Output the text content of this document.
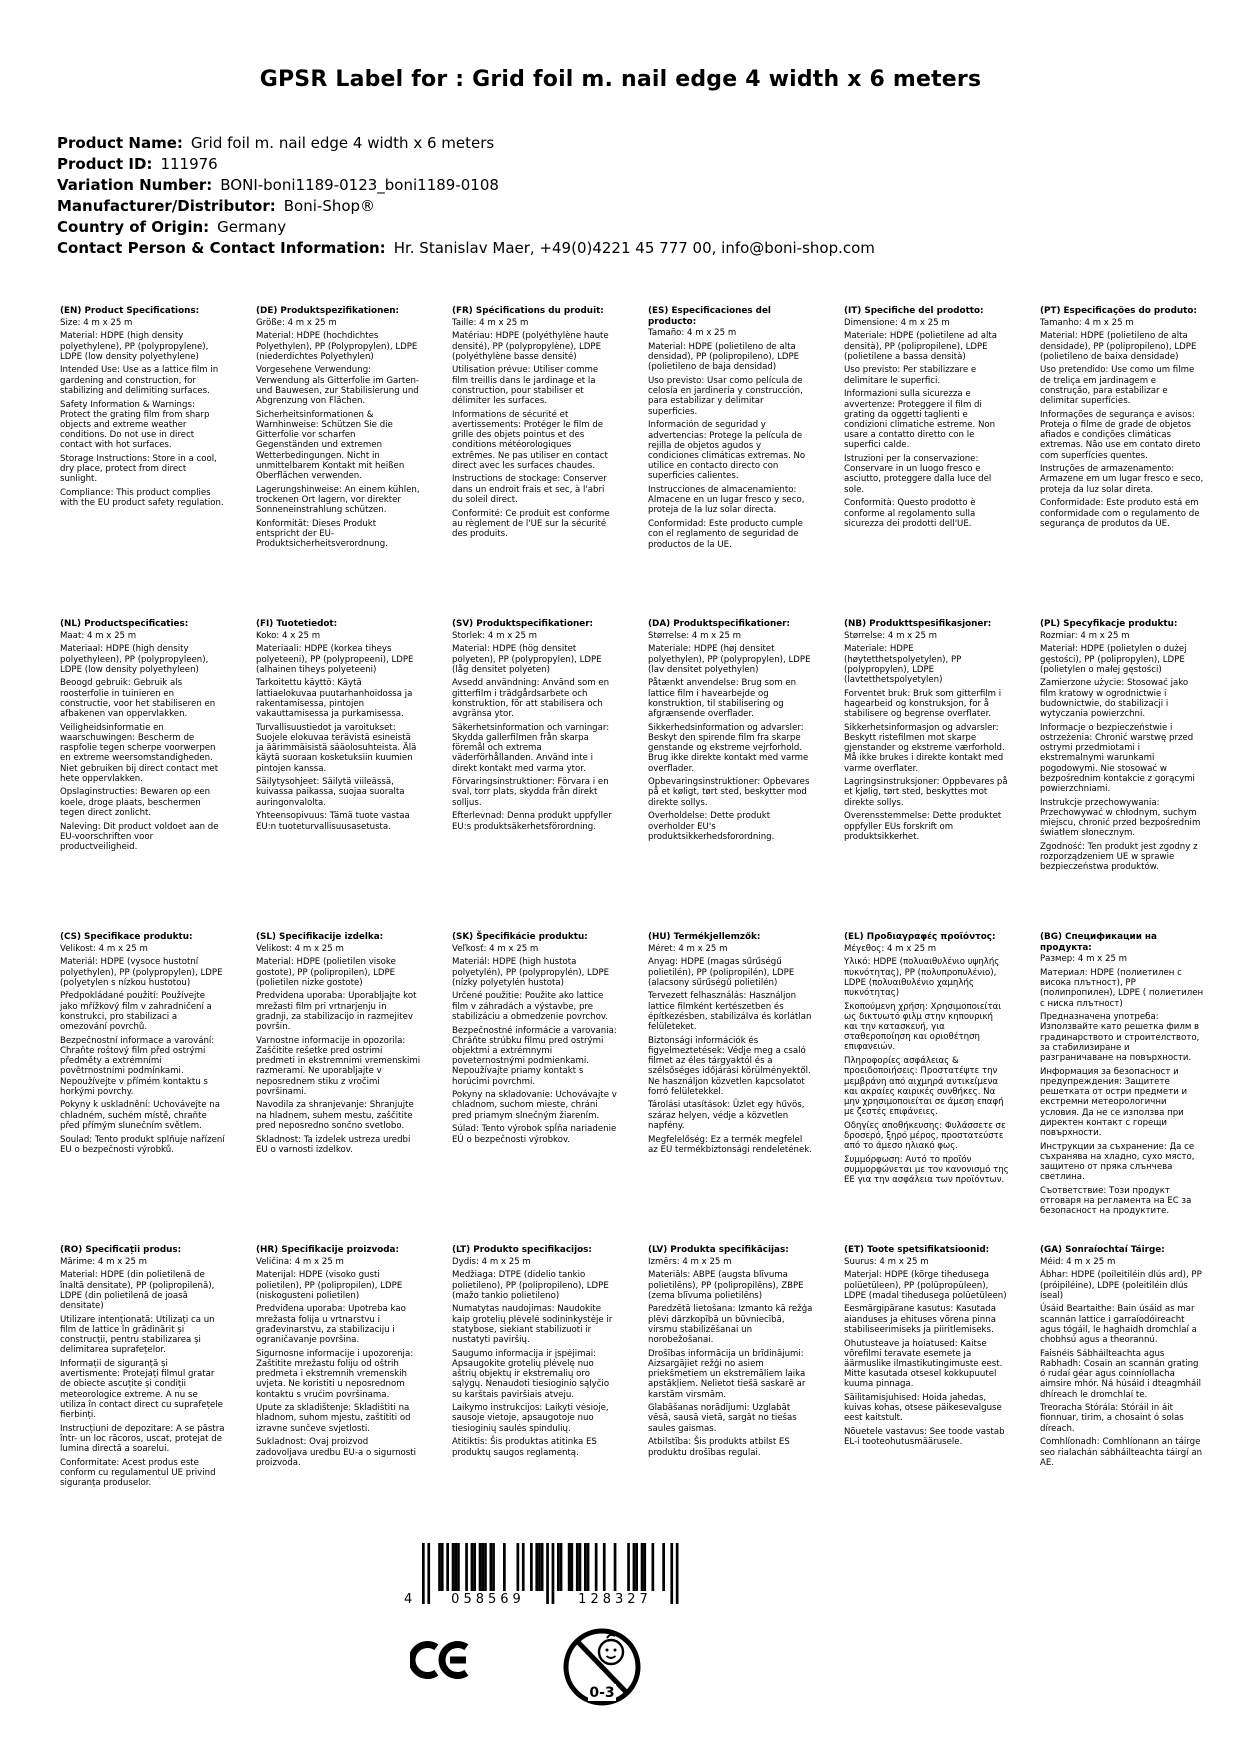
GPSR Label for : Grid foil m. nail edge 4 width x 6 meters
Product Name: Grid foil m. nail edge 4 width x 6 meters
Product ID: 111976
Variation Number: BONI-boni1189-0123_boni1189-0108
Manufacturer/Distributor: Boni-Shop®
Country of Origin: Germany
Contact Person & Contact Information: Hr. Stanislav Maer, +49(0)4221 45 777 00, info@boni-shop.com
(EN) Product Specifications:

Size: 4 m x 25 m

Material: HDPE (high density polyethylene), PP (polypropylene), LDPE (low density polyethylene)

Intended Use: Use as a lattice film in gardening and construction, for stabilizing and delimiting surfaces.

Safety Information & Warnings: Protect the grating film from sharp objects and extreme weather conditions. Do not use in direct contact with hot surfaces.

Storage Instructions: Store in a cool, dry place, protect from direct sunlight.

Compliance: This product complies with the EU product safety regulation.

(DE) Produktspezifikationen:

Größe: 4 m x 25 m

Material: HDPE (hochdichtes Polyethylen), PP (Polypropylen), LDPE (niederdichtes Polyethylen)

Vorgesehene Verwendung: Verwendung als Gitterfolie im Garten- und Bauwesen, zur Stabilisierung und Abgrenzung von Flächen.

Sicherheitsinformationen & Warnhinweise: Schützen Sie die Gitterfolie vor scharfen Gegenständen und extremen Wetterbedingungen. Nicht in unmittelbarem Kontakt mit heißen Oberflächen verwenden.

Lagerungshinweise: An einem kühlen, trockenen Ort lagern, vor direkter Sonneneinstrahlung schützen.

Konformität: Dieses Produkt entspricht der EU-Produktsicherheitsverordnung.

(FR) Spécifications du produit:

Taille: 4 m x 25 m

Matériau: HDPE (polyéthylène haute densité), PP (polypropylène), LDPE (polyéthylène basse densité)

Utilisation prévue: Utiliser comme film treillis dans le jardinage et la construction, pour stabiliser et délimiter les surfaces.

Informations de sécurité et avertissements: Protéger le film de grille des objets pointus et des conditions météorologiques extrêmes. Ne pas utiliser en contact direct avec les surfaces chaudes.

Instructions de stockage: Conserver dans un endroit frais et sec, à l'abri du soleil direct.

Conformité: Ce produit est conforme au règlement de l'UE sur la sécurité des produits.

(ES) Especificaciones del producto:

Tamaño: 4 m x 25 m

Material: HDPE (polietileno de alta densidad), PP (polipropileno), LDPE (polietileno de baja densidad)

Uso previsto: Usar como película de celosía en jardinería y construcción, para estabilizar y delimitar superficies.

Información de seguridad y advertencias: Protege la película de rejilla de objetos agudos y condiciones climáticas extremas. No utilice en contacto directo con superficies calientes.

Instrucciones de almacenamiento: Almacene en un lugar fresco y seco, proteja de la luz solar directa.

Conformidad: Este producto cumple con el reglamento de seguridad de productos de la UE.

(IT) Specifiche del prodotto:

Dimensione: 4 m x 25 m

Materiale: HDPE (polietilene ad alta densità), PP (polipropilene), LDPE (polietilene a bassa densità)

Uso previsto: Per stabilizzare e delimitare le superfici.

Informazioni sulla sicurezza e avvertenze: Proteggere il film di grating da oggetti taglienti e condizioni climatiche estreme. Non usare a contatto diretto con le superfici calde.

Istruzioni per la conservazione: Conservare in un luogo fresco e asciutto, proteggere dalla luce del sole.

Conformità: Questo prodotto è conforme al regolamento sulla sicurezza dei prodotti dell'UE.

(PT) Especificações do produto:

Tamanho: 4 m x 25 m

Material: HDPE (polietileno de alta densidade), PP (polipropileno), LDPE (polietileno de baixa densidade)

Uso pretendido: Use como um filme de treliça em jardinagem e construção, para estabilizar e delimitar superfícies.

Informações de segurança e avisos: Proteja o filme de grade de objetos afiados e condições climáticas extremas. Não use em contato direto com superfícies quentes.

Instruções de armazenamento: Armazene em um lugar fresco e seco, proteja da luz solar direta.

Conformidade: Este produto está em conformidade com o regulamento de segurança de produtos da UE.

(NL) Productspecificaties:

Maat: 4 m x 25 m

Materiaal: HDPE (high density polyethyleen), PP (polypropyleen), LDPE (low density polyethyleen)

Beoogd gebruik: Gebruik als roosterfolie in tuinieren en constructie, voor het stabiliseren en afbakenen van oppervlakken.

Veiligheidsinformatie en waarschuwingen: Bescherm de raspfolie tegen scherpe voorwerpen en extreme weersomstandigheden. Niet gebruiken bij direct contact met hete oppervlakken.

Opslaginstructies: Bewaren op een koele, droge plaats, beschermen tegen direct zonlicht.

Naleving: Dit product voldoet aan de EU-voorschriften voor productveiligheid.

(FI) Tuotetiedot:

Koko: 4 x 25 m

Materiaali: HDPE (korkea tiheys polyeteeni), PP (polypropeeni), LDPE (alhainen tiheys polyeteeni)

Tarkoitettu käyttö: Käytä lattiaelokuvaa puutarhanhoidossa ja rakentamisessa, pintojen vakauttamisessa ja purkamisessa.

Turvallisuustiedot ja varoitukset: Suojele elokuvaa terävistä esineistä ja äärimmäisistä sääolosuhteista. Älä käytä suoraan kosketuksiin kuumien pintojen kanssa.

Säilytysohjeet: Säilytä viileässä, kuivassa paikassa, suojaa suoralta auringonvalolta.

Yhteensopivuus: Tämä tuote vastaa EU:n tuoteturvallisuusasetusta.

(SV) Produktspecifikationer:

Storlek: 4 m x 25 m

Material: HDPE (hög densitet polyeten), PP (polypropylen), LDPE (låg densitet polyeten)

Avsedd användning: Använd som en gitterfilm i trädgårdsarbete och konstruktion, för att stabilisera och avgränsa ytor.

Säkerhetsinformation och varningar: Skydda gallerfilmen från skarpa föremål och extrema väderförhållanden. Använd inte i direkt kontakt med varma ytor.

Förvaringsinstruktioner: Förvara i en sval, torr plats, skydda från direkt solljus.

Efterlevnad: Denna produkt uppfyller EU:s produktsäkerhetsförordning.

(DA) Produktspecifikationer:

Størrelse: 4 m x 25 m

Materiale: HDPE (høj densitet polyethylen), PP (polypropylen), LDPE (lav densitet polyethylen)

Påtænkt anvendelse: Brug som en lattice film i havearbejde og konstruktion, til stabilisering og afgrænsende overflader.

Sikkerhedsinformation og advarsler: Beskyt den spirende film fra skarpe genstande og ekstreme vejrforhold. Brug ikke direkte kontakt med varme overflader.

Opbevaringsinstruktioner: Opbevares på et køligt, tørt sted, beskytter mod direkte sollys.

Overholdelse: Dette produkt overholder EU's produktsikkerhedsforordning.

(NB) Produkttspesifikasjoner:

Størrelse: 4 m x 25 m

Materiale: HDPE (høytetthetspolyetylen), PP (polypropylen), LDPE (lavtetthetspolyetylen)

Forventet bruk: Bruk som gitterfilm i hagearbeid og konstruksjon, for å stabilisere og begrense overflater.

Sikkerhetsinformasjon og advarsler: Beskytt ristefilmen mot skarpe gjenstander og ekstreme værforhold. Må ikke brukes i direkte kontakt med varme overflater.

Lagringsinstruksjoner: Oppbevares på et kjølig, tørt sted, beskyttes mot direkte sollys.

Overensstemmelse: Dette produktet oppfyller EUs forskrift om produktsikkerhet.

(PL) Specyfikacje produktu:

Rozmiar: 4 m x 25 m

Materiał: HDPE (polietylen o dużej gęstości), PP (polipropylen), LDPE (polietylen o małej gęstości)

Zamierzone użycie: Stosować jako film kratowy w ogrodnictwie i budownictwie, do stabilizacji i wytyczania powierzchni.

Informacje o bezpieczeństwie i ostrzeżenia: Chronić warstwę przed ostrymi przedmiotami i ekstremalnymi warunkami pogodowymi. Nie stosować w bezpośrednim kontakcie z gorącymi powierzchniami.

Instrukcje przechowywania: Przechowywać w chłodnym, suchym miejscu, chronić przed bezpośrednim światłem słonecznym.

Zgodność: Ten produkt jest zgodny z rozporządzeniem UE w sprawie bezpieczeństwa produktów.

(CS) Specifikace produktu:

Velikost: 4 m x 25 m

Materiál: HDPE (vysoce hustotní polyethylen), PP (polypropylen), LDPE (polyetylen s nízkou hustotou)

Předpokládané použití: Používejte jako mřížkový film v zahradničení a konstrukci, pro stabilizaci a omezování povrchů.

Bezpečnostní informace a varování: Chraňte roštový film před ostrými předměty a extrémními povětrnostními podmínkami. Nepoužívejte v přímém kontaktu s horkými povrchy.

Pokyny k uskladnění: Uchovávejte na chladném, suchém místě, chraňte před přímým slunečním světlem.

Soulad: Tento produkt splňuje nařízení EU o bezpečnosti výrobků.

(SL) Specifikacije izdelka:

Velikost: 4 m x 25 m

Material: HDPE (polietilen visoke gostote), PP (polipropilen), LDPE (polietilen nizke gostote)

Predvidena uporaba: Uporabljajte kot mrežasti film pri vrtnarjenju in gradnji, za stabilizacijo in razmejitev površin.

Varnostne informacije in opozorila: Zaščitite rešetke pred ostrimi predmeti in ekstremnimi vremenskimi razmerami. Ne uporabljajte v neposrednem stiku z vročimi površinami.

Navodila za shranjevanje: Shranjujte na hladnem, suhem mestu, zaščitite pred neposredno sončno svetlobo.

Skladnost: Ta izdelek ustreza uredbi EU o varnosti izdelkov.

(SK) Špecifikácie produktu:

Veľkosť: 4 m x 25 m

Materiál: HDPE (high hustota polyetylén), PP (polypropylén), LDPE (nízky polyetylén hustota)

Určené použitie: Použite ako lattice film v záhradách a výstavbe, pre stabilizáciu a obmedzenie povrchov.

Bezpečnostné informácie a varovania: Chráňte strúbku filmu pred ostrými objektmi a extrémnymi poveternostnými podmienkami. Nepoužívajte priamy kontakt s horúcimi povrchmi.

Pokyny na skladovanie: Uchovávajte v chladnom, suchom mieste, chráni pred priamym slnečným žiarením.

Súlad: Tento výrobok spĺňa nariadenie EÚ o bezpečnosti výrobkov.

(HU) Termékjellemzők:

Méret: 4 m x 25 m

Anyag: HDPE (magas sűrűségű polietilén), PP (polipropilén), LDPE (alacsony sűrűségű polietilén)

Tervezett felhasználás: Használjon lattice filmként kertészetben és építkezésben, stabilizálva és korlátlan felületeket.

Biztonsági információk és figyelmeztetések: Védje meg a csaló filmet az éles tárgyaktól és a szélsőséges időjárási körülményektől. Ne használjon közvetlen kapcsolatot forró felületekkel.

Tárolási utasítások: Üzlet egy hűvös, száraz helyen, védje a közvetlen napfény.

Megfelelőség: Ez a termék megfelel az EU termékbiztonsági rendeletének.

(EL) Προδιαγραφές προϊόντος:

Μέγεθος: 4 m x 25 m

Υλικό: HDPE (πολυαιθυλένιο υψηλής πυκνότητας), PP (πολυπροπυλένιο), LDPE (πολυαιθυλένιο χαμηλής πυκνότητας)

Σκοπούμενη χρήση: Χρησιμοποιείται ως δικτυωτό φιλμ στην κηπουρική και την κατασκευή, για σταθεροποίηση και οριοθέτηση επιφανειών.

Πληροφορίες ασφάλειας & προειδοποιήσεις: Προστατέψτε την μεμβράνη από αιχμηρά αντικείμενα και ακραίες καιρικές συνθήκες. Να μην χρησιμοποιείται σε άμεση επαφή με ζεστές επιφάνειες.

Οδηγίες αποθήκευσης: Φυλάσσετε σε δροσερό, ξηρό μέρος, προστατεύστε από το άμεσο ηλιακό φως.

Συμμόρφωση: Αυτό το προϊόν συμμορφώνεται με τον κανονισμό της ΕΕ για την ασφάλεια των προϊόντων.

(BG) Спецификации на продукта:

Размер: 4 m x 25 m

Материал: HDPE (полиетилен с висока плътност), PP (полипропилен), LDPE ( полиетилен с ниска плътност)

Предназначена употреба: Използвайте като решетка филм в градинарството и строителството, за стабилизиране и разграничаване на повърхности.

Информация за безопасност и предупреждения: Защитете решетката от остри предмети и екстремни метеорологични условия. Да не се използва при директен контакт с горещи повърхности.

Инструкции за съхранение: Да се съхранява на хладно, сухо място, защитено от пряка слънчева светлина.

Съответствие: Този продукт отговаря на регламента на ЕС за безопасност на продуктите.

(RO) Specificații produs:

Mărime: 4 m x 25 m

Material: HDPE (din polietilenă de înaltă densitate), PP (polipropilenă), LDPE (din polietilenă de joasă densitate)

Utilizare intenționată: Utilizați ca un film de lattice în grădinărit și construcții, pentru stabilizarea și delimitarea suprafețelor.

Informații de siguranță și avertismente: Protejați filmul gratar de obiecte ascuțite și condiții meteorologice extreme. A nu se utiliza în contact direct cu suprafețele fierbinți.

Instrucțiuni de depozitare: A se păstra într- un loc răcoros, uscat, protejat de lumina directă a soarelui.

Conformitate: Acest produs este conform cu regulamentul UE privind siguranța produselor.

(HR) Specifikacije proizvoda:

Veličina: 4 m x 25 m

Materijal: HDPE (visoko gusti polietilen), PP (polipropilen), LDPE (niskogusteni polietilen)

Predviđena uporaba: Upotreba kao mrežasta folija u vrtnarstvu i građevinarstvu, za stabilizaciju i ograničavanje površina.

Sigurnosne informacije i upozorenja: Zaštitite mrežastu foliju od oštrih predmeta i ekstremnih vremenskih uvjeta. Ne koristiti u neposrednom kontaktu s vrućim površinama.

Upute za skladištenje: Skladištiti na hladnom, suhom mjestu, zaštititi od izravne sunčeve svjetlosti.

Sukladnost: Ovaj proizvod zadovoljava uredbu EU-a o sigurnosti proizvoda.

(LT) Produkto specifikacijos:

Dydis: 4 m x 25 m

Medžiaga: DTPE (didelio tankio polietileno), PP (polipropileno), LDPE (mažo tankio polietileno)

Numatytas naudojimas: Naudokite kaip grotelių plėvelė sodininkystėje ir statybose, siekiant stabilizuoti ir nustatyti paviršių.

Saugumo informacija ir įspėjimai: Apsaugokite grotelių plėvelę nuo aštrių objektų ir ekstremalių oro sąlygų. Nenaudoti tiesioginio sąlyčio su karštais paviršiais atveju.

Laikymo instrukcijos: Laikyti vėsioje, sausoje vietoje, apsaugotoje nuo tiesioginių saulės spindulių.

Atitiktis: Šis produktas atitinka ES produktų saugos reglamentą.

(LV) Produkta specifikācijas:

Izmērs: 4 m x 25 m

Materiāls: ABPE (augsta blīvuma polietilēns), PP (polipropilēns), ZBPE (zema blīvuma polietilēns)

Paredzētā lietošana: Izmanto kā režģa plēvi dārzkopībā un būvniecībā, virsmu stabilizēšanai un norobežošanai.

Drošības informācija un brīdinājumi: Aizsargājiet režģi no asiem priekšmetiem un ekstremāliem laika apstākļiem. Nelietot tiešā saskarē ar karstām virsmām.

Glabāšanas norādījumi: Uzglabāt vēsā, sausā vietā, sargāt no tiešas saules gaismas.

Atbilstība: Šis produkts atbilst ES produktu drošības regulai.

(ET) Toote spetsifikatsioonid:

Suurus: 4 m x 25 m

Materjal: HDPE (kõrge tihedusega polüetüleen), PP (polüpropüleen), LDPE (madal tihedusega polüetüleen)

Eesmärgipärane kasutus: Kasutada aianduses ja ehituses võrena pinna stabiliseerimiseks ja piiritlemiseks.

Ohutusteave ja hoiatused: Kaitse võrefilmi teravate esemete ja äärmuslike ilmastikutingimuste eest. Mitte kasutada otsesel kokkupuutel kuuma pinnaga.

Säilitamisjuhised: Hoida jahedas, kuivas kohas, otsese päikesevalguse eest kaitstult.

Nõuetele vastavus: See toode vastab EL-i tooteohutusmäärusele.

(GA) Sonraíochtaí Táirge:

Méid: 4 m x 25 m

Ábhar: HDPE (poileitiléin dlús ard), PP (próipiléine), LDPE (poleitiléin dlús íseal)

Úsáid Beartaithe: Bain úsáid as mar scannán lattice i garraíodóireacht agus tógáil, le haghaidh dromchlaí a chobhsú agus a theorannú.

Faisnéis Sábháilteachta agus Rabhadh: Cosain an scannán grating ó rudaí géar agus coinníollacha aimsire mhór. Ná húsáid i dteagmháil dhíreach le dromchlaí te.

Treoracha Stórála: Stóráil in áit fionnuar, tirim, a chosaint ó solas díreach.

Comhlíonadh: Comhlíonann an táirge seo rialachán sábháilteachta táirgí an AE.

4	058569	128327
0-3
